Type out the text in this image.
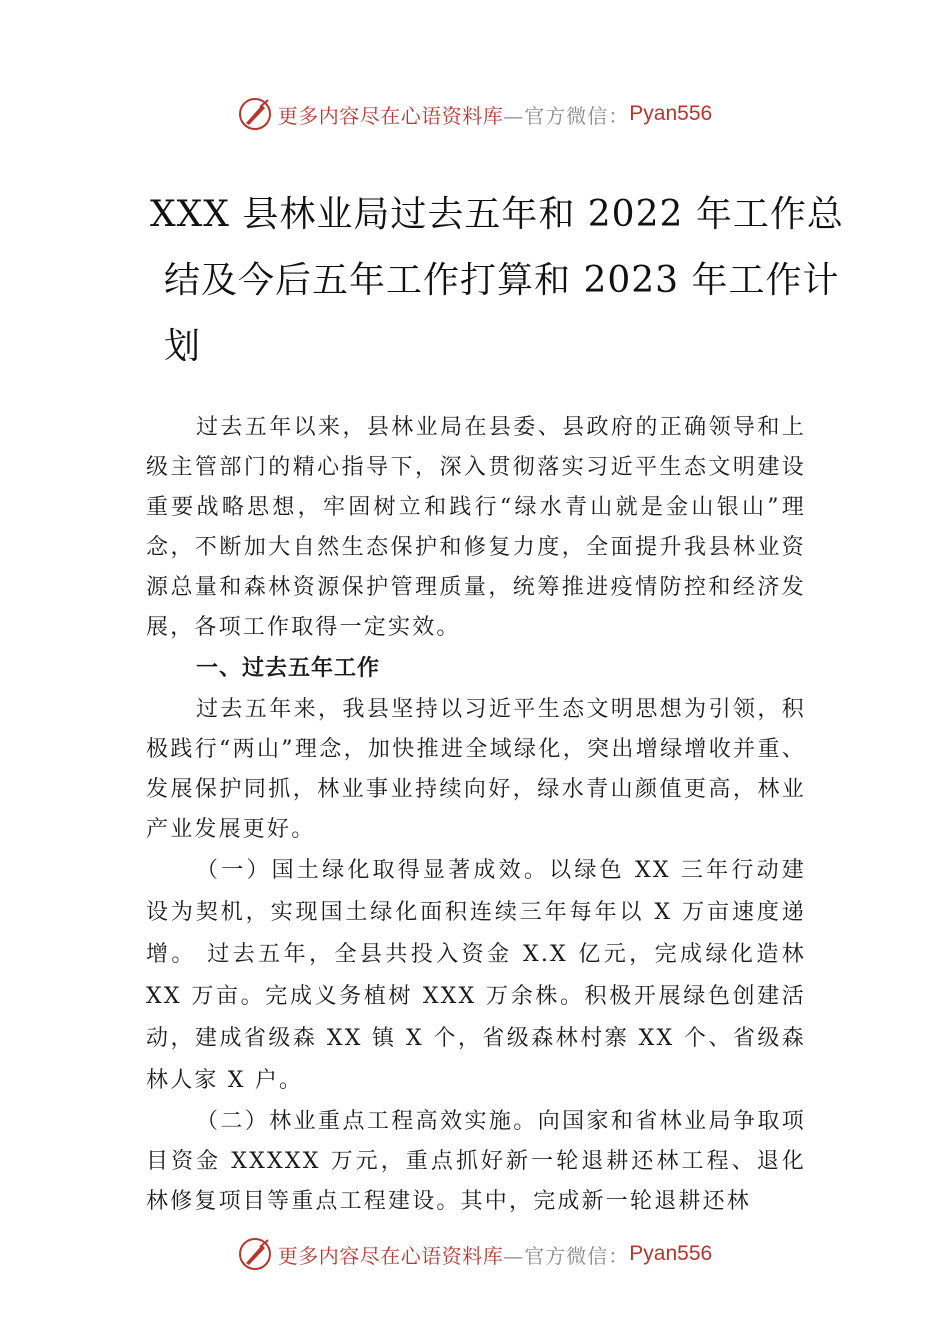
更多内容尽在心语资料库 —官方微信： Pyan556
XXX 县林业局过去五年和 2022 年工作总
结及今后五年工作打算和 2023 年工作计
划

过去五年以来，县林业局在县委、县政府的正确领导和上级主管部门的精心指导下，深入贯彻落实习近平生态文明建设重要战略思想，牢固树立和践行“绿水青山就是金山银山”理念，不断加大自然生态保护和修复力度，全面提升我县林业资源总量和森林资源保护管理质量，统筹推进疫情防控和经济发展，各项工作取得一定实效。

一、过去五年工作

过去五年来，我县坚持以习近平生态文明思想为引领，积极践行“两山”理念，加快推进全域绿化，突出增绿增收并重、发展保护同抓，林业事业持续向好，绿水青山颜值更高，林业产业发展更好。

（一）国土绿化取得显著成效。以绿色 XX 三年行动建设为契机，实现国土绿化面积连续三年每年以 X 万亩速度递增。 过去五年，全县共投入资金 X.X 亿元，完成绿化造林 XX 万亩。完成义务植树 XXX 万余株。积极开展绿色创建活动，建成省级森 XX 镇 X 个，省级森林村寨 XX 个、省级森林人家 X 户。

（二）林业重点工程高效实施。向国家和省林业局争取项目资金 XXXXX 万元，重点抓好新一轮退耕还林工程、退化林修复项目等重点工程建设。其中，完成新一轮退耕还林

更多内容尽在心语资料库 —官方微信： Pyan556
